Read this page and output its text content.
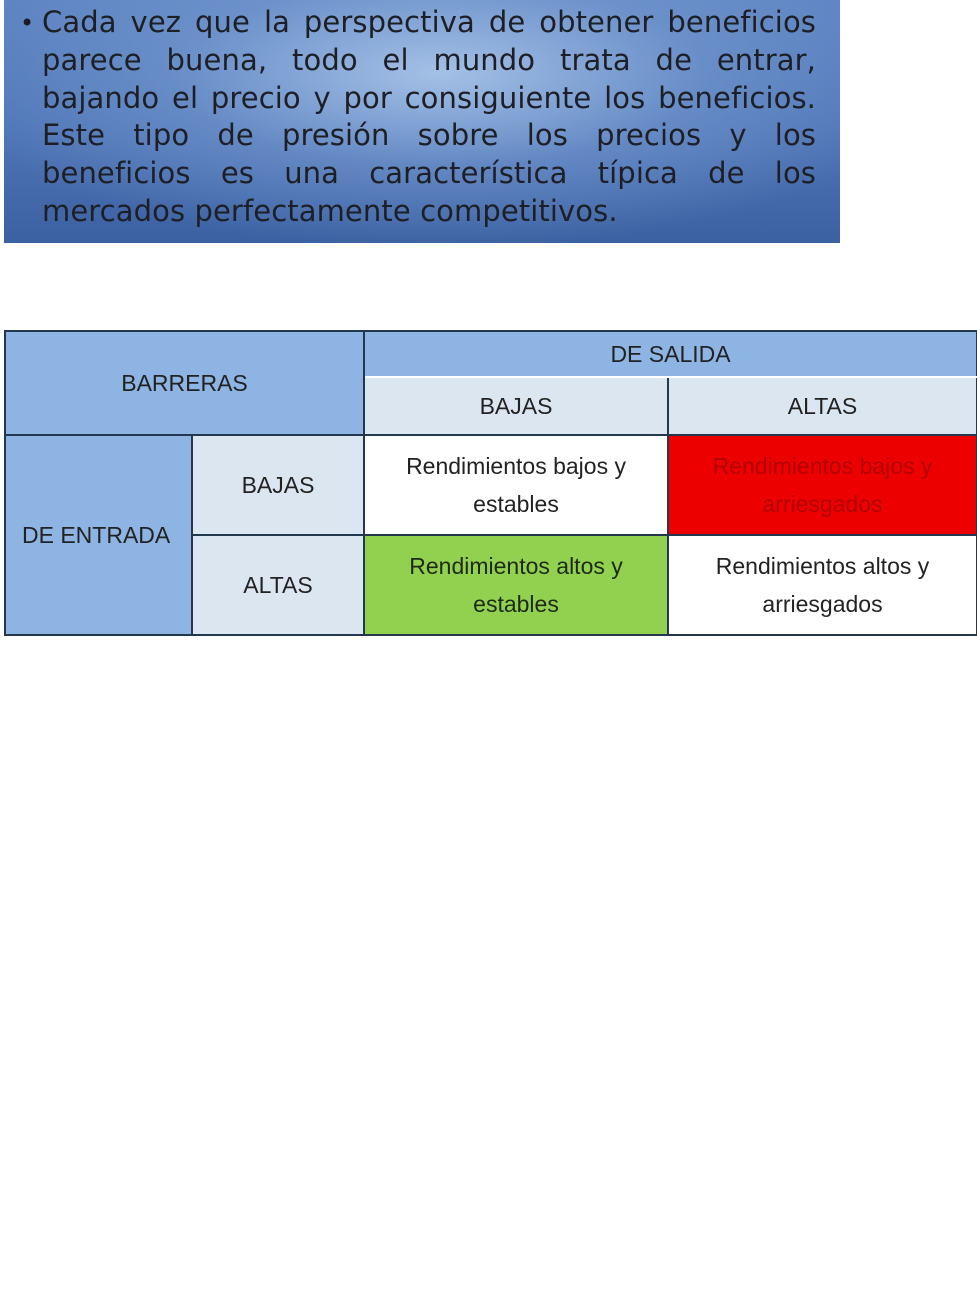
• Cada vez que la perspectiva de obtener beneficios parece buena, todo el mundo trata de entrar, bajando el precio y por consiguiente los beneficios. Este tipo de presión sobre los precios y los beneficios es una característica típica de los mercados perfectamente competitivos.

BARRERAS		DE SALIDA	
		BAJAS	ALTAS
DE ENTRADA	BAJAS	Rendimientos bajos y estables	Rendimientos bajos y arriesgados
	ALTAS	Rendimientos altos y estables	Rendimientos altos y arriesgados
